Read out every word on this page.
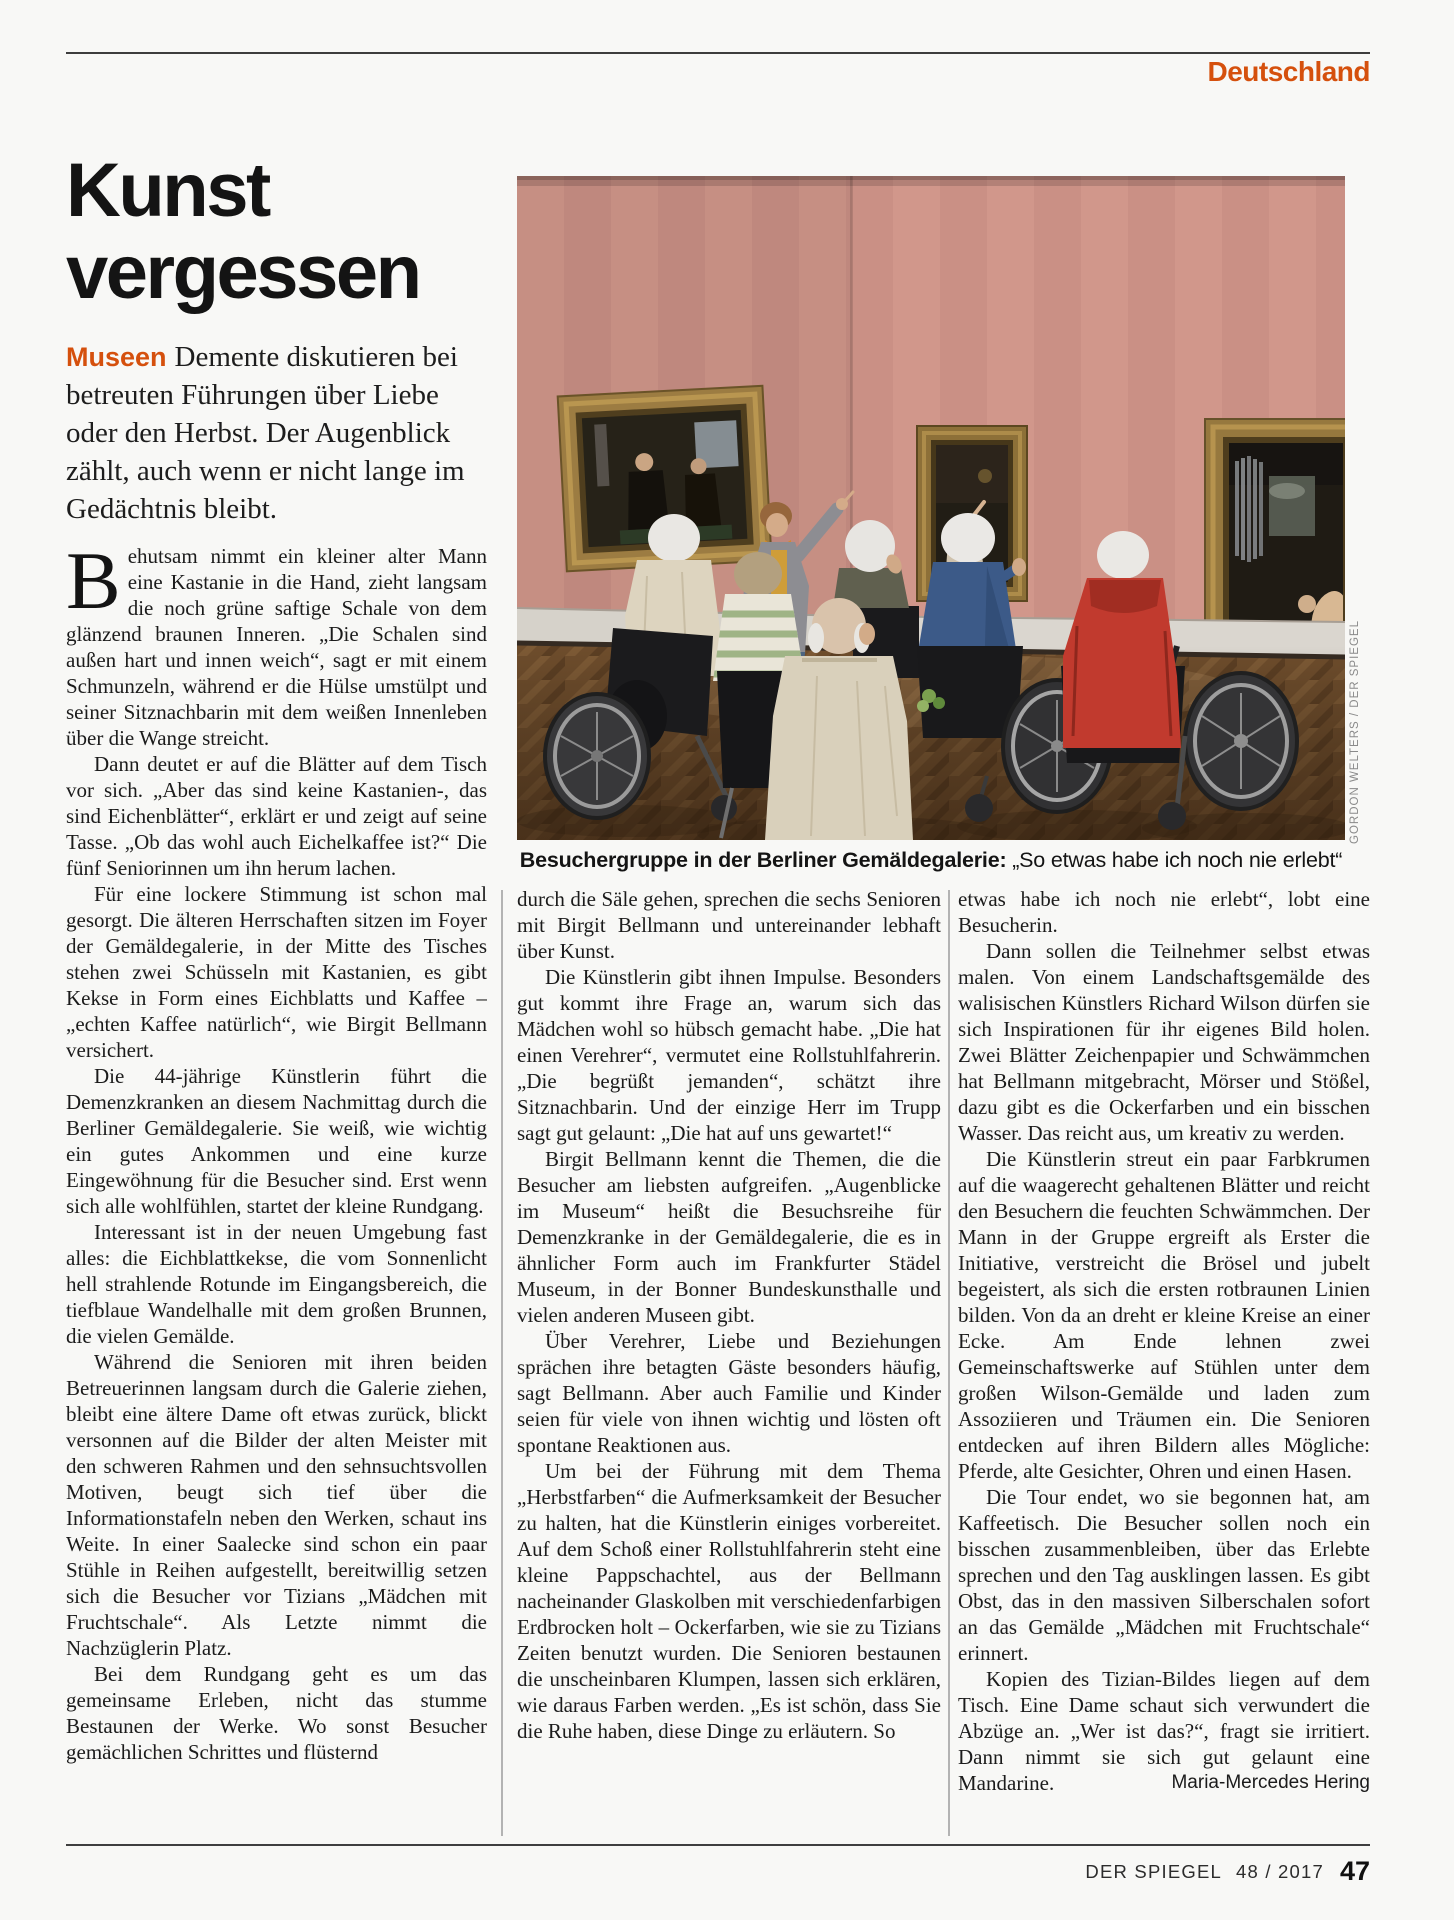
Deutschland
Kunst
vergessen

Museen Demente diskutieren bei betreuten Führungen über Liebe oder den Herbst. Der Augenblick zählt, auch wenn er nicht lange im Gedächtnis bleibt.

GORDON WELTERS / DER SPIEGEL
Besuchergruppe in der Berliner Gemäldegalerie: „So etwas habe ich noch nie erlebt“

Behutsam nimmt ein kleiner alter Mann eine Kastanie in die Hand, zieht langsam die noch grüne saftige Schale von dem glänzend braunen Inneren. „Die Schalen sind außen hart und innen weich“, sagt er mit einem Schmunzeln, während er die Hülse umstülpt und seiner Sitznachbarin mit dem weißen Innenleben über die Wange streicht.

Dann deutet er auf die Blätter auf dem Tisch vor sich. „Aber das sind keine Kastanien-, das sind Eichenblätter“, erklärt er und zeigt auf seine Tasse. „Ob das wohl auch Eichelkaffee ist?“ Die fünf Seniorinnen um ihn herum lachen.

Für eine lockere Stimmung ist schon mal gesorgt. Die älteren Herrschaften sitzen im Foyer der Gemäldegalerie, in der Mitte des Tisches stehen zwei Schüsseln mit Kastanien, es gibt Kekse in Form eines Eichblatts und Kaffee – „echten Kaffee natürlich“, wie Birgit Bellmann versichert.

Die 44-jährige Künstlerin führt die Demenzkranken an diesem Nachmittag durch die Berliner Gemäldegalerie. Sie weiß, wie wichtig ein gutes Ankommen und eine kurze Eingewöhnung für die Besucher sind. Erst wenn sich alle wohlfühlen, startet der kleine Rundgang.

Interessant ist in der neuen Umgebung fast alles: die Eichblattkekse, die vom Sonnenlicht hell strahlende Rotunde im Eingangsbereich, die tiefblaue Wandelhalle mit dem großen Brunnen, die vielen Gemälde.

Während die Senioren mit ihren beiden Betreuerinnen langsam durch die Galerie ziehen, bleibt eine ältere Dame oft etwas zurück, blickt versonnen auf die Bilder der alten Meister mit den schweren Rahmen und den sehnsuchtsvollen Motiven, beugt sich tief über die Informationstafeln neben den Werken, schaut ins Weite. In einer Saalecke sind schon ein paar Stühle in Reihen aufgestellt, bereitwillig setzen sich die Besucher vor Tizians „Mädchen mit Fruchtschale“. Als Letzte nimmt die Nachzüglerin Platz.

Bei dem Rundgang geht es um das gemeinsame Erleben, nicht das stumme Bestaunen der Werke. Wo sonst Besucher gemächlichen Schrittes und flüsternd

durch die Säle gehen, sprechen die sechs Senioren mit Birgit Bellmann und untereinander lebhaft über Kunst.

Die Künstlerin gibt ihnen Impulse. Besonders gut kommt ihre Frage an, warum sich das Mädchen wohl so hübsch gemacht habe. „Die hat einen Verehrer“, vermutet eine Rollstuhlfahrerin. „Die begrüßt jemanden“, schätzt ihre Sitznachbarin. Und der einzige Herr im Trupp sagt gut gelaunt: „Die hat auf uns gewartet!“

Birgit Bellmann kennt die Themen, die die Besucher am liebsten aufgreifen. „Augenblicke im Museum“ heißt die Besuchsreihe für Demenzkranke in der Gemäldegalerie, die es in ähnlicher Form auch im Frankfurter Städel Museum, in der Bonner Bundeskunsthalle und vielen anderen Museen gibt.

Über Verehrer, Liebe und Beziehungen sprächen ihre betagten Gäste besonders häufig, sagt Bellmann. Aber auch Familie und Kinder seien für viele von ihnen wichtig und lösten oft spontane Reaktionen aus.

Um bei der Führung mit dem Thema „Herbstfarben“ die Aufmerksamkeit der Besucher zu halten, hat die Künstlerin einiges vorbereitet. Auf dem Schoß einer Rollstuhlfahrerin steht eine kleine Pappschachtel, aus der Bellmann nacheinander Glaskolben mit verschiedenfarbigen Erdbrocken holt – Ockerfarben, wie sie zu Tizians Zeiten benutzt wurden. Die Senioren bestaunen die unscheinbaren Klumpen, lassen sich erklären, wie daraus Farben werden. „Es ist schön, dass Sie die Ruhe haben, diese Dinge zu erläutern. So

etwas habe ich noch nie erlebt“, lobt eine Besucherin.

Dann sollen die Teilnehmer selbst etwas malen. Von einem Landschaftsgemälde des walisischen Künstlers Richard Wilson dürfen sie sich Inspirationen für ihr eigenes Bild holen. Zwei Blätter Zeichenpapier und Schwämmchen hat Bellmann mitgebracht, Mörser und Stößel, dazu gibt es die Ockerfarben und ein bisschen Wasser. Das reicht aus, um kreativ zu werden.

Die Künstlerin streut ein paar Farbkrumen auf die waagerecht gehaltenen Blätter und reicht den Besuchern die feuchten Schwämmchen. Der Mann in der Gruppe ergreift als Erster die Initiative, verstreicht die Brösel und jubelt begeistert, als sich die ersten rotbraunen Linien bilden. Von da an dreht er kleine Kreise an einer Ecke. Am Ende lehnen zwei Gemeinschaftswerke auf Stühlen unter dem großen Wilson-Gemälde und laden zum Assoziieren und Träumen ein. Die Senioren entdecken auf ihren Bildern alles Mögliche: Pferde, alte Gesichter, Ohren und einen Hasen.

Die Tour endet, wo sie begonnen hat, am Kaffeetisch. Die Besucher sollen noch ein bisschen zusammenbleiben, über das Erlebte sprechen und den Tag ausklingen lassen. Es gibt Obst, das in den massiven Silberschalen sofort an das Gemälde „Mädchen mit Fruchtschale“ erinnert.

Kopien des Tizian-Bildes liegen auf dem Tisch. Eine Dame schaut sich verwundert die Abzüge an. „Wer ist das?“, fragt sie irritiert. Dann nimmt sie sich gut gelaunt eine Mandarine.	Maria-Mercedes Hering

DER SPIEGEL 48 / 2017 47
